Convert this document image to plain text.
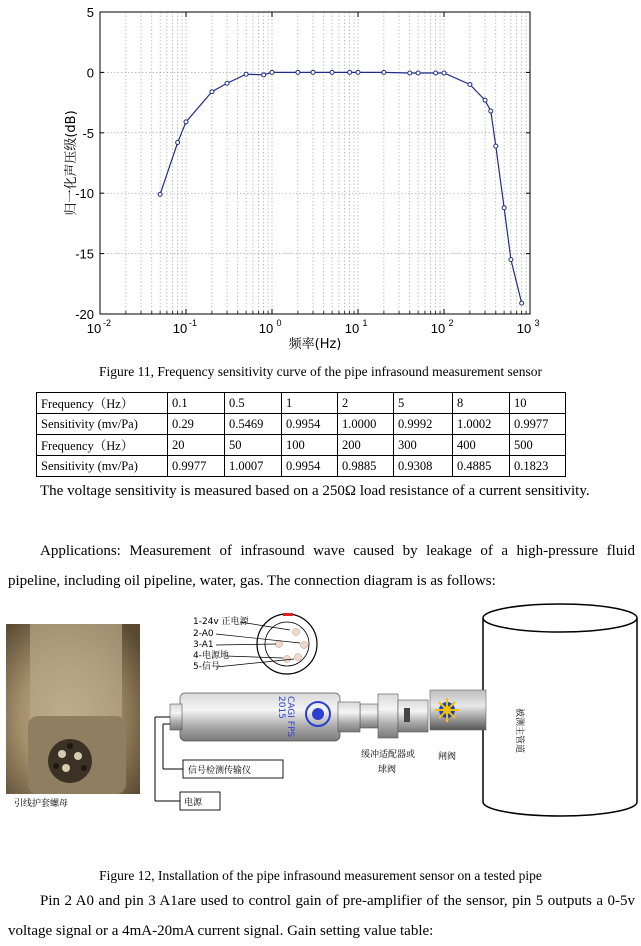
5
0
-5
-10
-15
-20
10 -2	10 -1	10 0	10 1	10 2	10 3
频率(Hz)
归一化声压级(dB)
Figure 11, Frequency sensitivity curve of the pipe infrasound measurement sensor
Frequency（Hz）	0.1	0.5	1	2	5	8	10
Sensitivity (mv/Pa)	0.29	0.5469	0.9954	1.0000	0.9992	1.0002	0.9977
Frequency（Hz）	20	50	100	200	300	400	500
Sensitivity (mv/Pa)	0.9977	1.0007	0.9954	0.9885	0.9308	0.4885	0.1823
The voltage sensitivity is measured based on a 250Ω load resistance of a current sensitivity.
Applications: Measurement of infrasound wave caused by leakage of a high-pressure fluid pipeline, including oil pipeline, water, gas. The connection diagram is as follows:
引线护套螺母
1-24v 正电源
2-A0
3-A1
4-电源地
5-信号
被测主管道
闸阀
缓冲适配器或
球阀
CAGI FPS
2015
信号检测传输仪
电源
Figure 12, Installation of the pipe infrasound measurement sensor on a tested pipe
Pin 2 A0 and pin 3 A1are used to control gain of pre-amplifier of the sensor, pin 5 outputs a 0-5v voltage signal or a 4mA-20mA current signal. Gain setting value table:
